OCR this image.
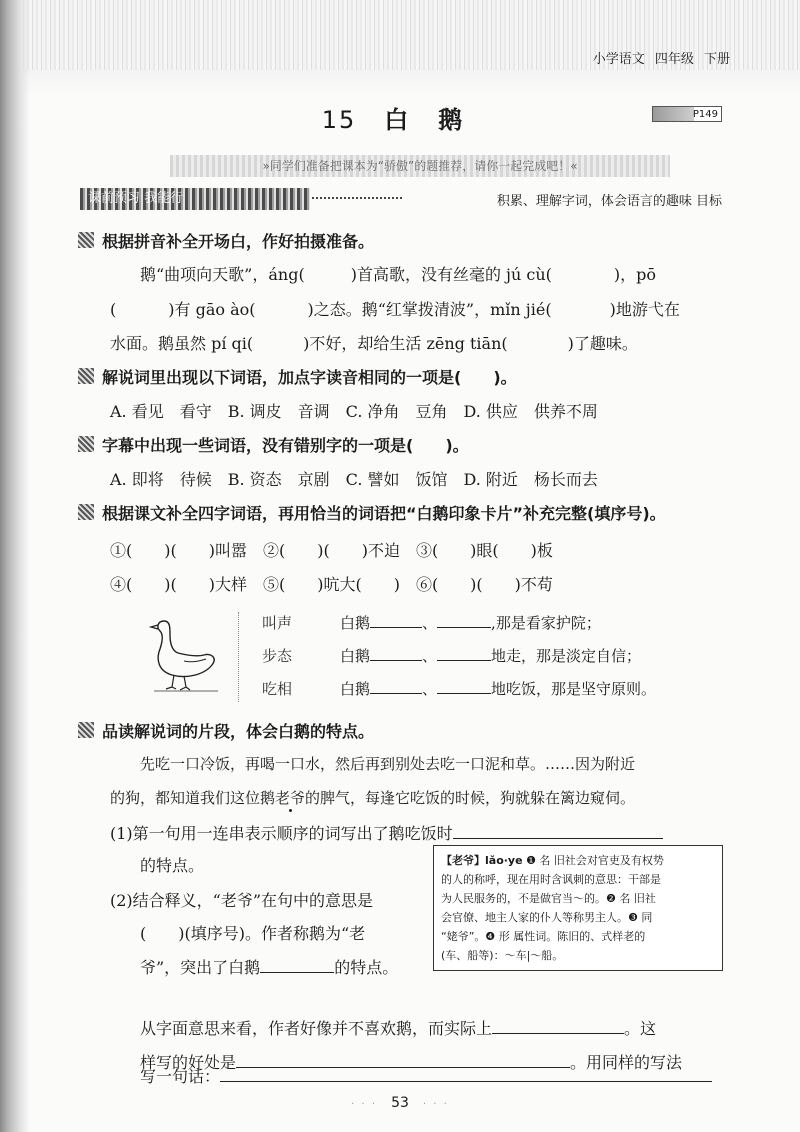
小学语文 四年级 下册
15 白 鹅	P149
»同学们准备把课本为“骄傲”的题推荐，请你一起完成吧！«
课前预习 我能行	积累、理解字词，体会语言的趣味 目标
根据拼音补全开场白，作好拍摄准备。
鹅“曲项向天歌”，áng(	)首高歌，没有丝毫的 jú cù(	)，pō
(	)有 gāo ào(	)之态。鹅“红掌拨清波”，mǐn jié(	)地游弋在
水面。鹅虽然 pí qi(	)不好，却给生活 zēng tiān(	)了趣味。
解说词里出现以下词语，加点字读音相同的一项是(　　)。
A. 看见　看守　B. 调皮　音调　C. 净角　豆角　D. 供应　供养不周
字幕中出现一些词语，没有错别字的一项是(　　)。
A. 即将　待候　B. 资态　京剧　C. 譬如　饭馆　D. 附近　杨长而去
根据课文补全四字词语，再用恰当的词语把“白鹅印象卡片”补充完整(填序号)。
①(　　)(　　)叫嚣　②(　　)(　　)不迫　③(　　)眼(　　)板
④(　　)(　　)大样　⑤(　　)吭大(　　)　⑥(　　)(　　)不苟
叫声	白鹅	、	,那是看家护院；
步态	白鹅	、	地走，那是淡定自信；
吃相	白鹅	、	地吃饭，那是坚守原则。
品读解说词的片段，体会白鹅的特点。
先吃一口冷饭，再喝一口水，然后再到别处去吃一口泥和草。……因为附近
的狗，都知道我们这位鹅老爷的脾气，每逢它吃饭的时候，狗就躲在篱边窥伺。
(1)第一句用一连串表示顺序的词写出了鹅吃饭时
的特点。
(2)结合释义，“老爷”在句中的意思是
(　　)(填序号)。作者称鹅为“老
爷”，突出了白鹅	的特点。
【老爷】lǎo·ye ❶ 名 旧社会对官吏及有权势
的人的称呼，现在用时含讽刺的意思：干部是
为人民服务的，不是做官当～的。❷ 名 旧社
会官僚、地主人家的仆人等称男主人。❸ 同
“姥爷”。❹ 形 属性词。陈旧的、式样老的
(车、船等)：～车|～船。
从字面意思来看，作者好像并不喜欢鹅，而实际上	。这
样写的好处是	。用同样的写法
写一句话：
· · · 53 · · ·
